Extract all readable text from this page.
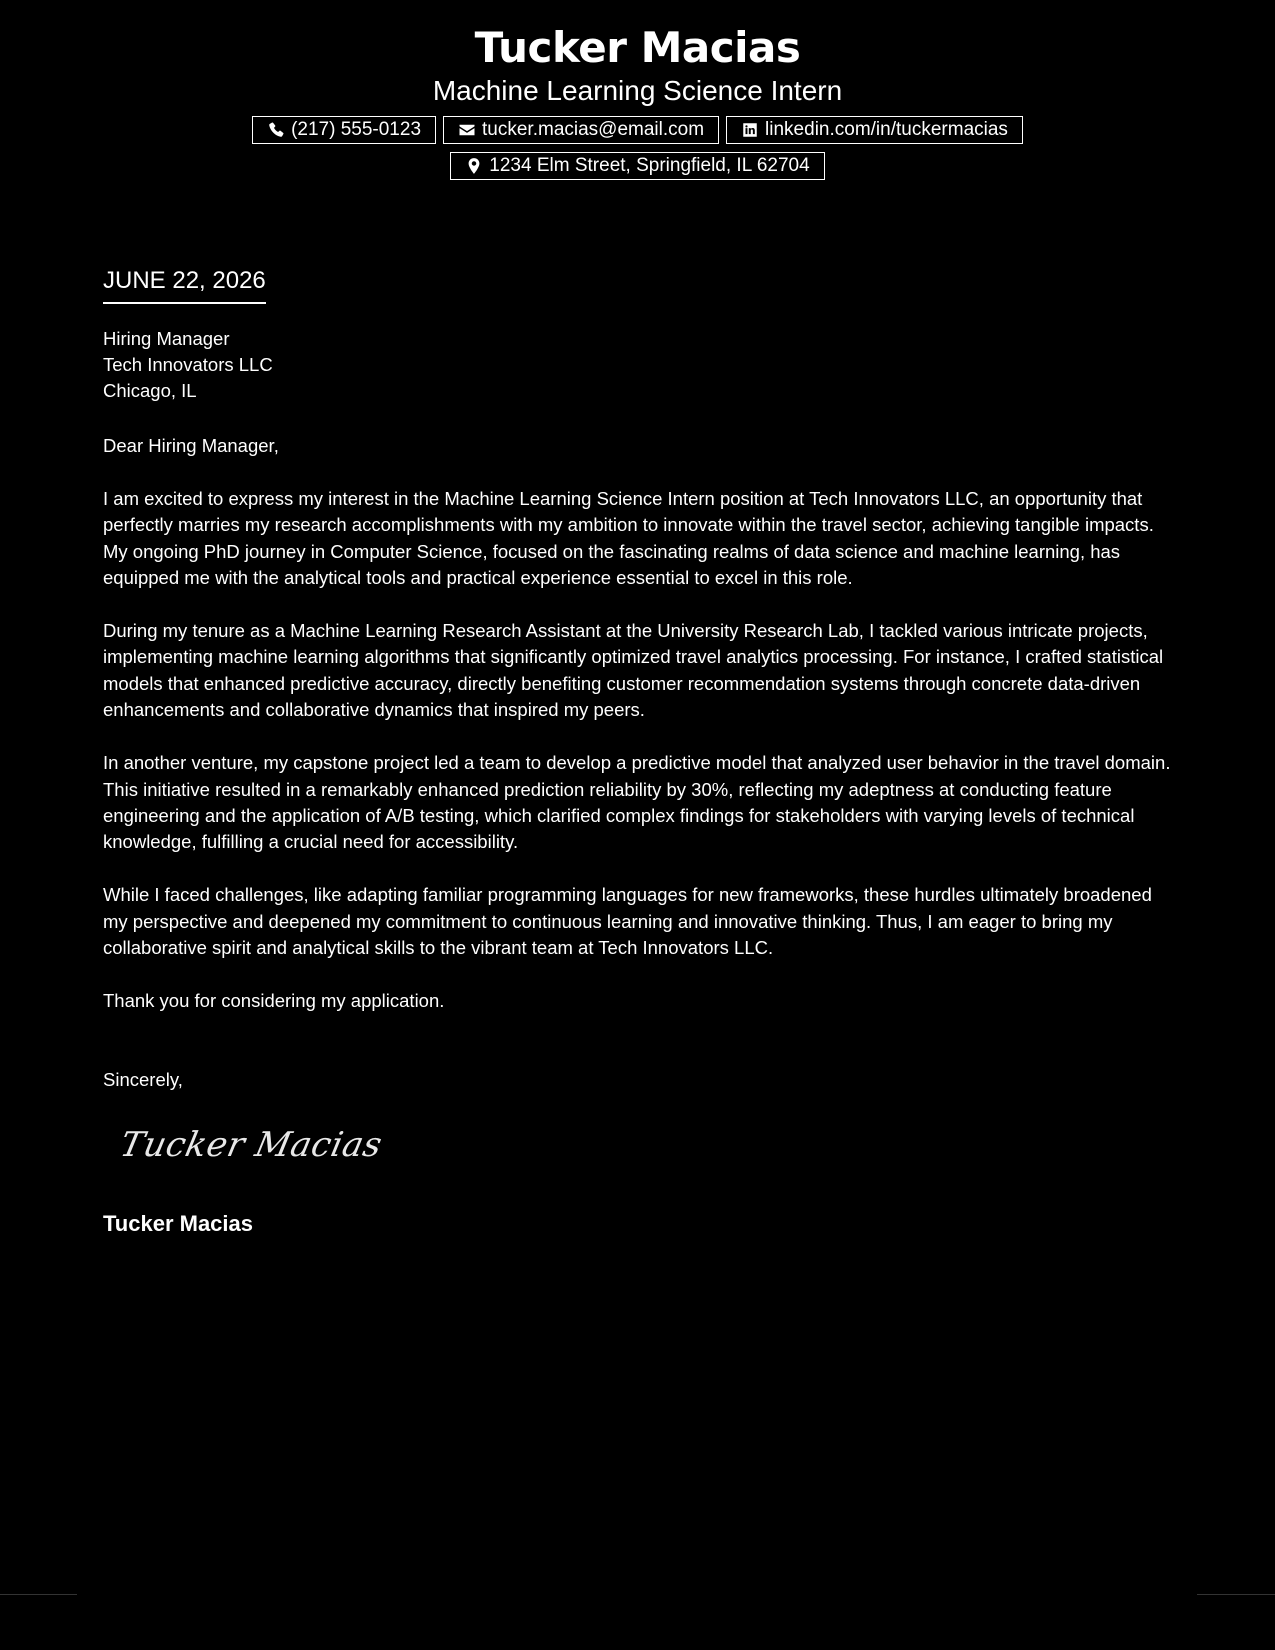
Tucker Macias
Machine Learning Science Intern
(217) 555-0123	tucker.macias@email.com	linkedin.com/in/tuckermacias
1234 Elm Street, Springfield, IL 62704
JUNE 22, 2026
Hiring Manager
Tech Innovators LLC
Chicago, IL

Dear Hiring Manager,

I am excited to express my interest in the Machine Learning Science Intern position at Tech Innovators LLC, an opportunity that perfectly marries my research accomplishments with my ambition to innovate within the travel sector, achieving tangible impacts. My ongoing PhD journey in Computer Science, focused on the fascinating realms of data science and machine learning, has equipped me with the analytical tools and practical experience essential to excel in this role.

During my tenure as a Machine Learning Research Assistant at the University Research Lab, I tackled various intricate projects, implementing machine learning algorithms that significantly optimized travel analytics processing. For instance, I crafted statistical models that enhanced predictive accuracy, directly benefiting customer recommendation systems through concrete data-driven enhancements and collaborative dynamics that inspired my peers.

In another venture, my capstone project led a team to develop a predictive model that analyzed user behavior in the travel domain. This initiative resulted in a remarkably enhanced prediction reliability by 30%, reflecting my adeptness at conducting feature engineering and the application of A/B testing, which clarified complex findings for stakeholders with varying levels of technical knowledge, fulfilling a crucial need for accessibility.

While I faced challenges, like adapting familiar programming languages for new frameworks, these hurdles ultimately broadened my perspective and deepened my commitment to continuous learning and innovative thinking. Thus, I am eager to bring my collaborative spirit and analytical skills to the vibrant team at Tech Innovators LLC.

Thank you for considering my application.

Sincerely,
Tucker Macias
Tucker Macias
